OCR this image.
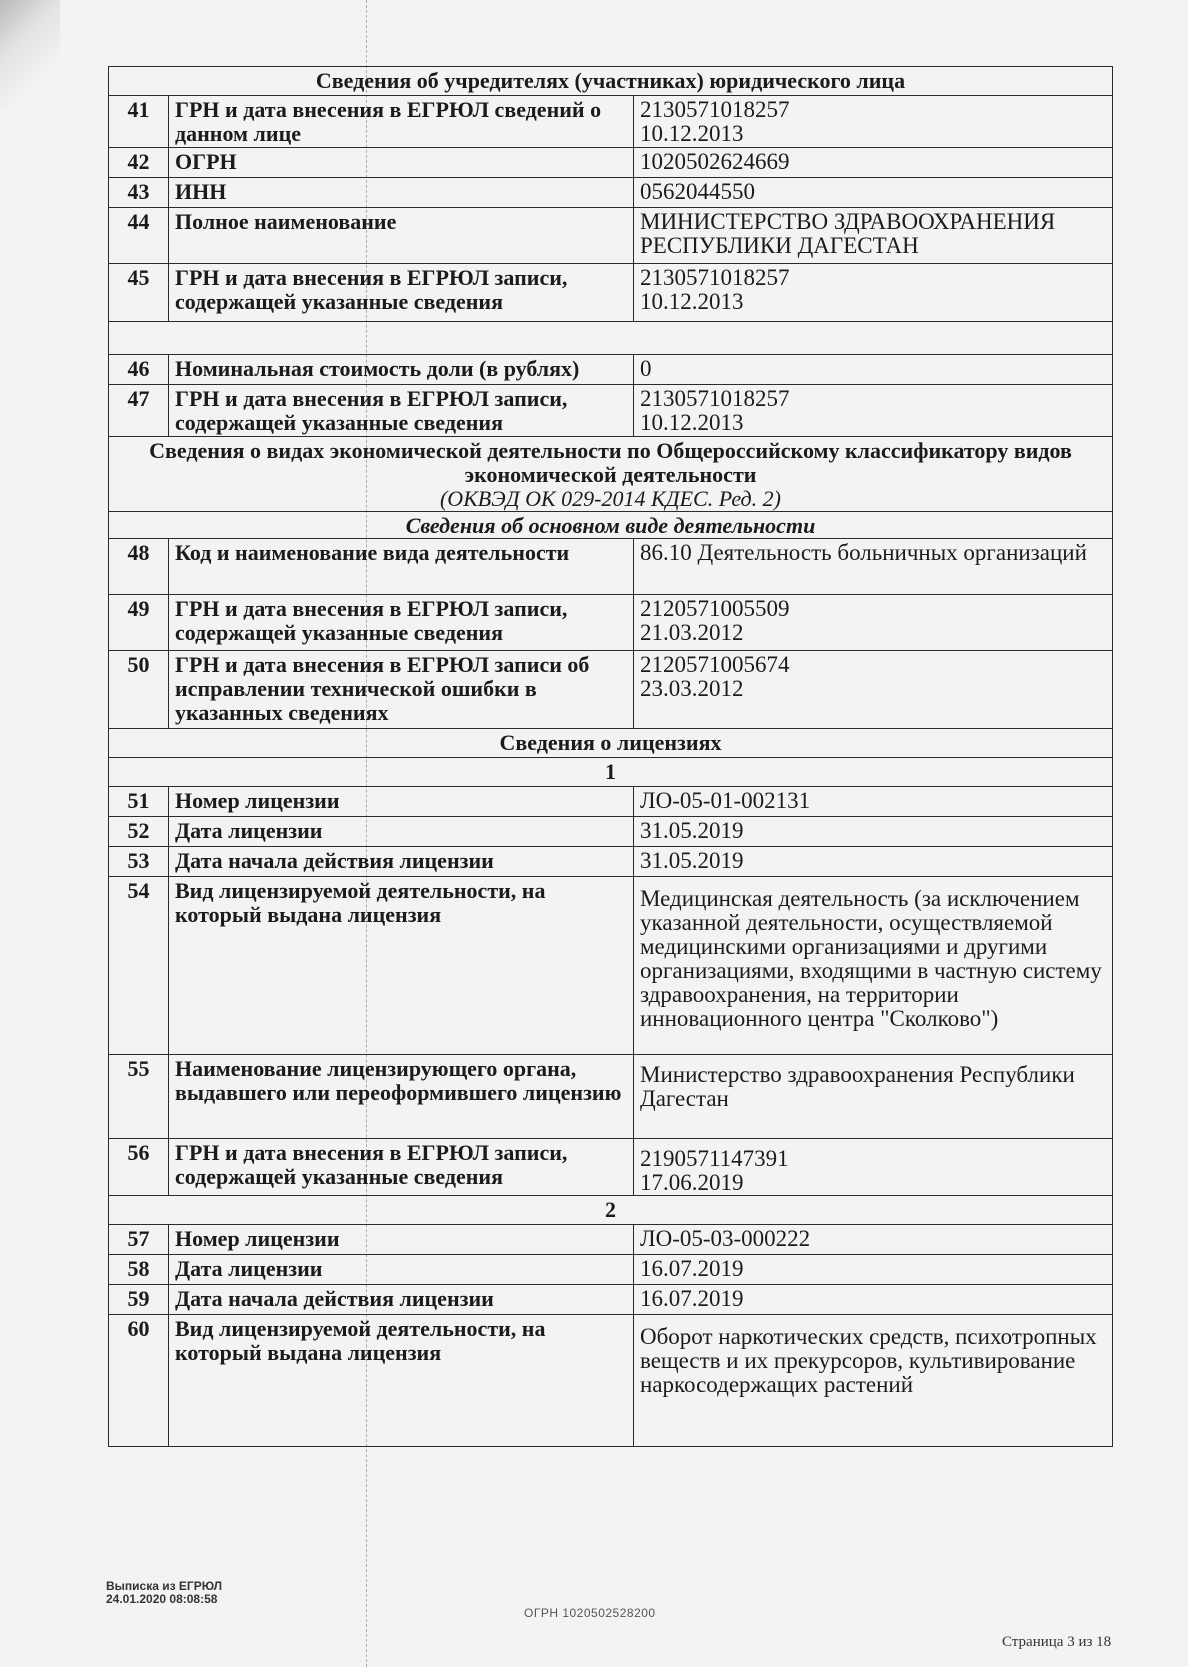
Сведения об учредителях (участниках) юридического лица		
41	ГРН и дата внесения в ЕГРЮЛ сведений о данном лице	2130571018257
10.12.2013
42	ОГРН	1020502624669
43	ИНН	0562044550
44	Полное наименование	МИНИСТЕРСТВО ЗДРАВООХРАНЕНИЯ РЕСПУБЛИКИ ДАГЕСТАН
45	ГРН и дата внесения в ЕГРЮЛ записи, содержащей указанные сведения	2130571018257
10.12.2013

46	Номинальная стоимость доли (в рублях)	0
47	ГРН и дата внесения в ЕГРЮЛ записи, содержащей указанные сведения	2130571018257
10.12.2013
Сведения о видах экономической деятельности по Общероссийскому классификатору видов экономической деятельности
(ОКВЭД ОК 029-2014 КДЕС. Ред. 2)		

Сведения об основном виде деятельности		
48	Код и наименование вида деятельности	86.10 Деятельность больничных организаций
49	ГРН и дата внесения в ЕГРЮЛ записи, содержащей указанные сведения	2120571005509
21.03.2012
50	ГРН и дата внесения в ЕГРЮЛ записи об исправлении технической ошибки в указанных сведениях	2120571005674
23.03.2012
Сведения о лицензиях		
1		
51	Номер лицензии	ЛО-05-01-002131
52	Дата лицензии	31.05.2019
53	Дата начала действия лицензии	31.05.2019
54	Вид лицензируемой деятельности, на который выдана лицензия	Медицинская деятельность (за исключением указанной деятельности, осуществляемой медицинскими организациями и другими организациями, входящими в частную систему здравоохранения, на территории инновационного центра "Сколково")
55	Наименование лицензирующего органа, выдавшего или переоформившего лицензию	Министерство здравоохранения Республики Дагестан
56	ГРН и дата внесения в ЕГРЮЛ записи, содержащей указанные сведения	2190571147391
17.06.2019
2		
57	Номер лицензии	ЛО-05-03-000222
58	Дата лицензии	16.07.2019
59	Дата начала действия лицензии	16.07.2019
60	Вид лицензируемой деятельности, на который выдана лицензия	Оборот наркотических средств, психотропных веществ и их прекурсоров, культивирование наркосодержащих растений
Выписка из ЕГРЮЛ
24.01.2020 08:08:58
ОГРН 1020502528200
Страница 3 из 18
